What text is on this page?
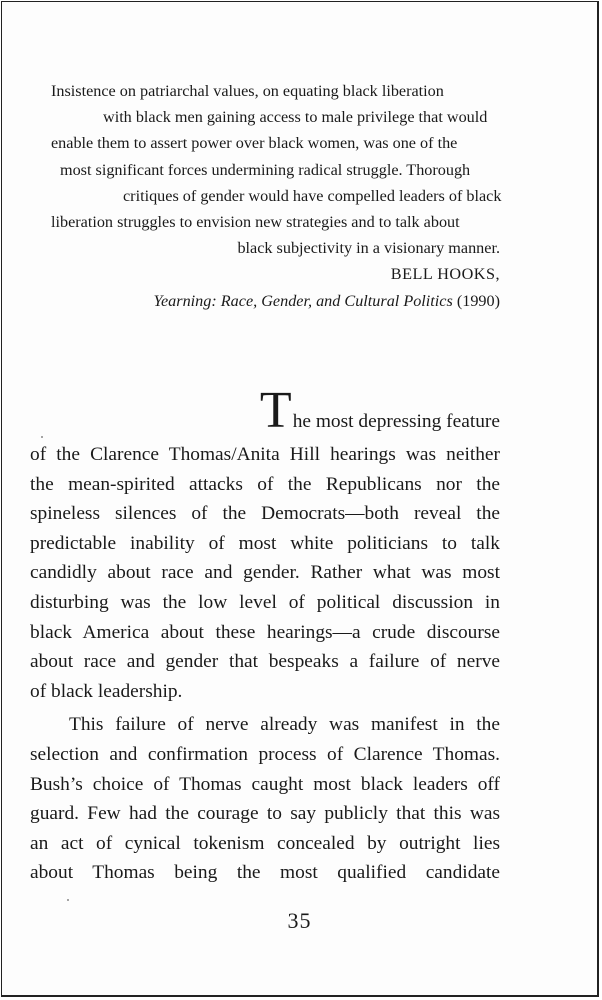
Insistence on patriarchal values, on equating black liberation
with black men gaining access to male privilege that would
enable them to assert power over black women, was one of the
most significant forces undermining radical struggle. Thorough
critiques of gender would have compelled leaders of black
liberation struggles to envision new strategies and to talk about
black subjectivity in a visionary manner.
BELL HOOKS,
Yearning: Race, Gender, and Cultural Politics (1990)
The most depressing feature
of the Clarence Thomas/Anita Hill hearings was neither
the mean-spirited attacks of the Republicans nor the
spineless silences of the Democrats—both reveal the
predictable inability of most white politicians to talk
candidly about race and gender. Rather what was most
disturbing was the low level of political discussion in
black America about these hearings—a crude discourse
about race and gender that bespeaks a failure of nerve
of black leadership.
This failure of nerve already was manifest in the
selection and confirmation process of Clarence Thomas.
Bush’s choice of Thomas caught most black leaders off
guard. Few had the courage to say publicly that this was
an act of cynical tokenism concealed by outright lies
about Thomas being the most qualified candidate
35
